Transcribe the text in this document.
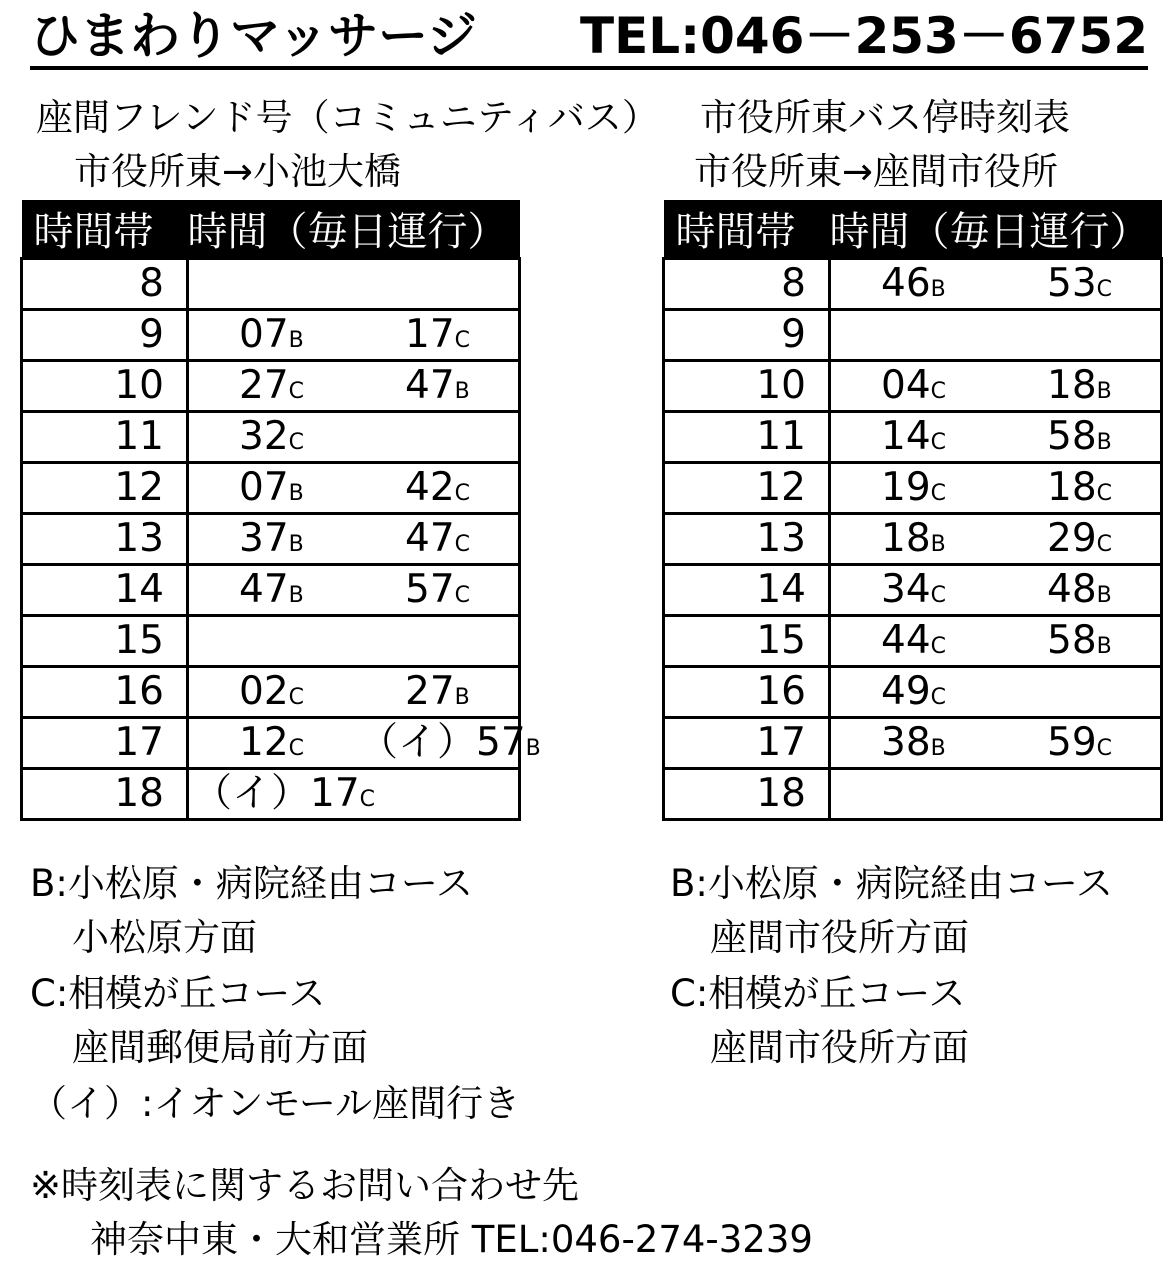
ひまわりマッサージ TEL:046－253－6752
座間フレンド号（コミュニティバス） 市役所東バス停時刻表
市役所東→小池大橋	市役所東→座間市役所
時間帯	時間（毎日運行）
8	

9	07B 17C

10	27C 47B

11	32C

12	07B 42C

13	37B 47C

14	47B 57C

15	

16	02C 27B

17	12C （イ）57B

18	（イ）17C
時間帯	時間（毎日運行）
8	46B 53C

9	

10	04C 18B

11	14C 58B

12	19C 18C

13	18B 29C

14	34C 48B

15	44C 58B

16	49C

17	38B 59C

18	
B:小松原・病院経由コース
小松原方面
C:相模が丘コース
座間郵便局前方面
（イ）:イオンモール座間行き
B:小松原・病院経由コース
座間市役所方面
C:相模が丘コース
座間市役所方面
※時刻表に関するお問い合わせ先
神奈中東・大和営業所 TEL:046-274-3239
